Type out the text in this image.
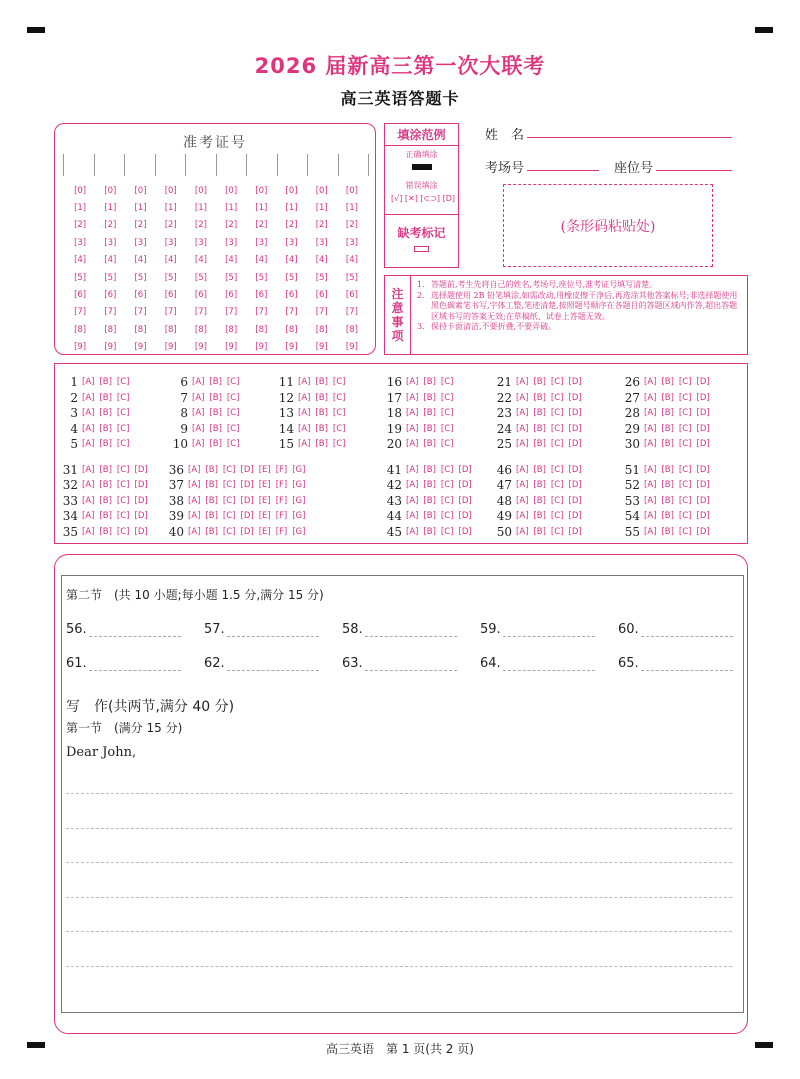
2026 届新高三第一次大联考
高三英语答题卡
准考证号
[0]	[0]	[0]	[0]	[0]	[0]	[0]	[0]	[0]	[0]
[1]	[1]	[1]	[1]	[1]	[1]	[1]	[1]	[1]	[1]
[2]	[2]	[2]	[2]	[2]	[2]	[2]	[2]	[2]	[2]
[3]	[3]	[3]	[3]	[3]	[3]	[3]	[3]	[3]	[3]
[4]	[4]	[4]	[4]	[4]	[4]	[4]	[4]	[4]	[4]
[5]	[5]	[5]	[5]	[5]	[5]	[5]	[5]	[5]	[5]
[6]	[6]	[6]	[6]	[6]	[6]	[6]	[6]	[6]	[6]
[7]	[7]	[7]	[7]	[7]	[7]	[7]	[7]	[7]	[7]
[8]	[8]	[8]	[8]	[8]	[8]	[8]	[8]	[8]	[8]
[9]	[9]	[9]	[9]	[9]	[9]	[9]	[9]	[9]	[9]
填涂范例
正确填涂
错误填涂
[√] [✕] [⊂⊃] [D]
缺考标记
姓　名
考场号	座位号
(条形码粘贴处)
注
意
事
项
1. 答题前,考生先将自己的姓名,考场号,座位号,准考证号填写清楚。
2. 选择题使用 2B 铅笔填涂,如需改动,用橡皮擦干净后,再选涂其他答案标号;非选择题使用黑色碳素笔书写,字体工整,笔迹清楚,按照题号顺序在各题目的答题区域内作答,超出答题区域书写的答案无效;在草稿纸、试卷上答题无效。
3. 保持卡面清洁,不要折叠,不要弄破。
1 [A] [B] [C]
2 [A] [B] [C]
3 [A] [B] [C]
4 [A] [B] [C]
5 [A] [B] [C]
6 [A] [B] [C]
7 [A] [B] [C]
8 [A] [B] [C]
9 [A] [B] [C]
10 [A] [B] [C]
11 [A] [B] [C]
12 [A] [B] [C]
13 [A] [B] [C]
14 [A] [B] [C]
15 [A] [B] [C]
16 [A] [B] [C]
17 [A] [B] [C]
18 [A] [B] [C]
19 [A] [B] [C]
20 [A] [B] [C]
21 [A] [B] [C] [D]
22 [A] [B] [C] [D]
23 [A] [B] [C] [D]
24 [A] [B] [C] [D]
25 [A] [B] [C] [D]
26 [A] [B] [C] [D]
27 [A] [B] [C] [D]
28 [A] [B] [C] [D]
29 [A] [B] [C] [D]
30 [A] [B] [C] [D]
31 [A] [B] [C] [D]
32 [A] [B] [C] [D]
33 [A] [B] [C] [D]
34 [A] [B] [C] [D]
35 [A] [B] [C] [D]
36 [A] [B] [C] [D] [E] [F] [G]
37 [A] [B] [C] [D] [E] [F] [G]
38 [A] [B] [C] [D] [E] [F] [G]
39 [A] [B] [C] [D] [E] [F] [G]
40 [A] [B] [C] [D] [E] [F] [G]
41 [A] [B] [C] [D]
42 [A] [B] [C] [D]
43 [A] [B] [C] [D]
44 [A] [B] [C] [D]
45 [A] [B] [C] [D]
46 [A] [B] [C] [D]
47 [A] [B] [C] [D]
48 [A] [B] [C] [D]
49 [A] [B] [C] [D]
50 [A] [B] [C] [D]
51 [A] [B] [C] [D]
52 [A] [B] [C] [D]
53 [A] [B] [C] [D]
54 [A] [B] [C] [D]
55 [A] [B] [C] [D]
第二节　(共 10 小题;每小题 1.5 分,满分 15 分)
56.	57.	58.	59.	60.
61.	62.	63.	64.	65.
写　作(共两节,满分 40 分)
第一节　(满分 15 分)
Dear John,
高三英语　第 1 页(共 2 页)
